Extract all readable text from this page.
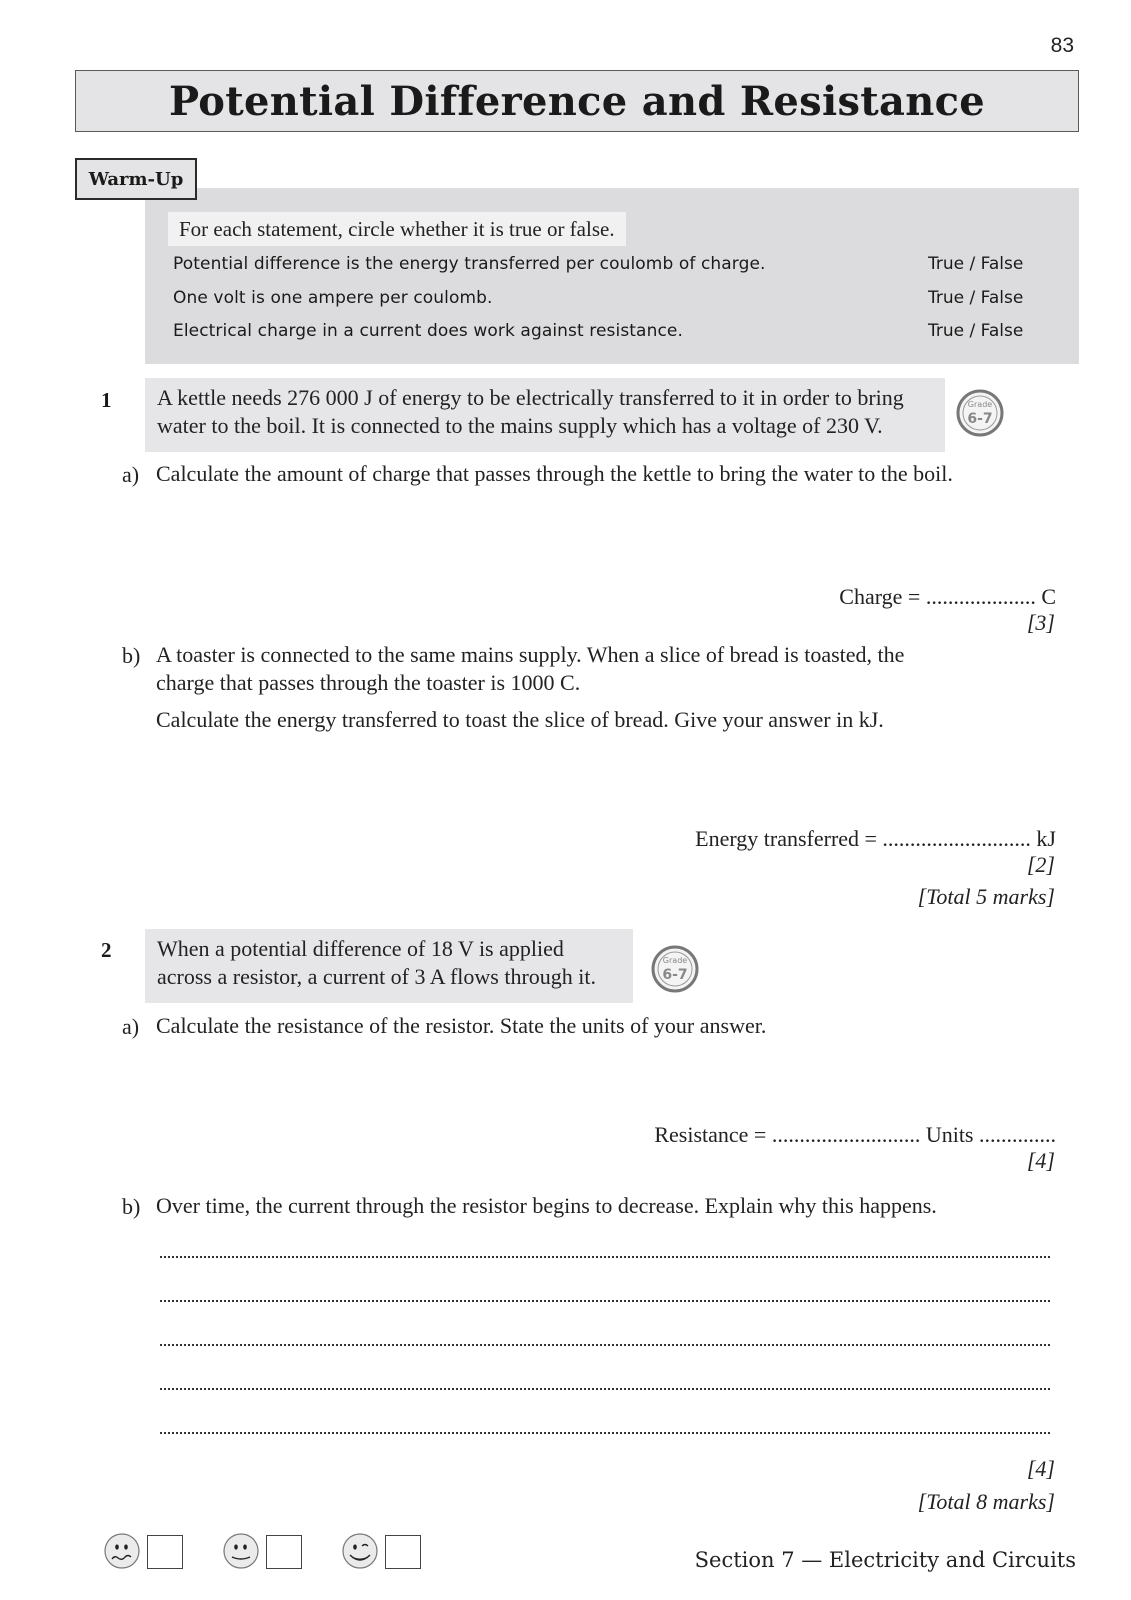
83
Potential Difference and Resistance
Warm-Up
For each statement, circle whether it is true or false.
Potential difference is the energy transferred per coulomb of charge.	True / False
One volt is one ampere per coulomb.	True / False
Electrical charge in a current does work against resistance.	True / False
1	A kettle needs 276 000 J of energy to be electrically transferred to it in order to bring water to the boil. It is connected to the mains supply which has a voltage of 230 V.
Grade
6-7
a) Calculate the amount of charge that passes through the kettle to bring the water to the boil.
Charge = .................... C
[3]
b) A toaster is connected to the same mains supply. When a slice of bread is toasted, the charge that passes through the toaster is 1000 C.
Calculate the energy transferred to toast the slice of bread. Give your answer in kJ.
Energy transferred = ........................... kJ
[2]
[Total 5 marks]
2	When a potential difference of 18 V is applied across a resistor, a current of 3 A flows through it.
Grade
6-7
a) Calculate the resistance of the resistor. State the units of your answer.
Resistance = ........................... Units ..............
[4]
b) Over time, the current through the resistor begins to decrease. Explain why this happens.
[4]
[Total 8 marks]
Section 7 — Electricity and Circuits
